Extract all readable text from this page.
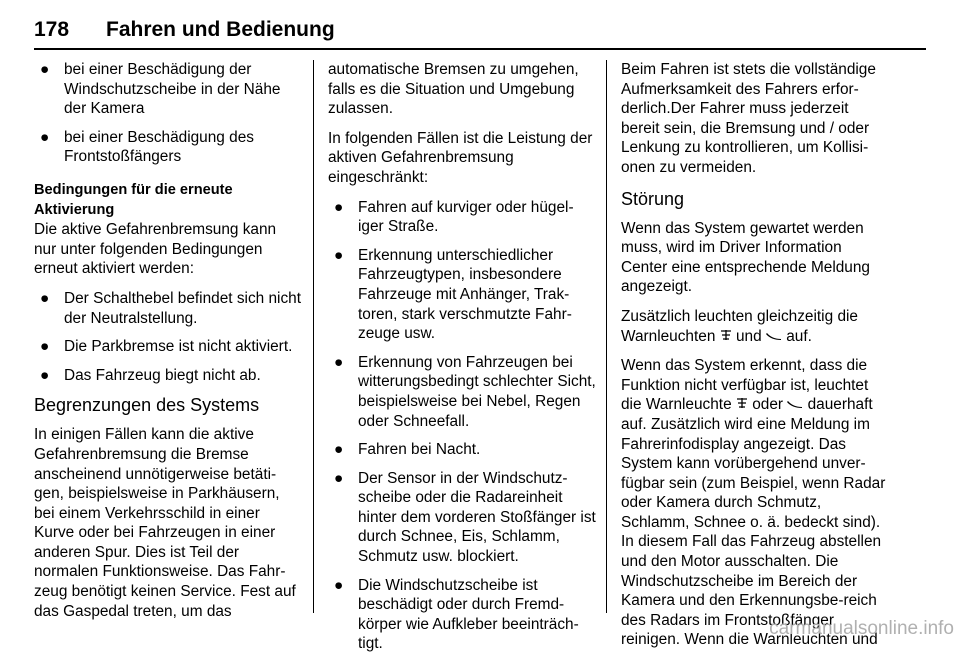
178 Fahren und Bedienung
● bei einer Beschädigung der Windschutzscheibe in der Nähe der Kamera
● bei einer Beschädigung des Frontstoßfängers
Bedingungen für die erneute Aktivierung

Die aktive Gefahrenbremsung kann nur unter folgenden Bedingungen erneut aktiviert werden:

● Der Schalthebel befindet sich nicht der Neutralstellung.
● Die Parkbremse ist nicht aktiviert.
● Das Fahrzeug biegt nicht ab.
Begrenzungen des Systems

In einigen Fällen kann die aktive Gefahrenbremsung die Bremse anscheinend unnötigerweise betäti-gen, beispielsweise in Parkhäusern, bei einem Verkehrsschild in einer Kurve oder bei Fahrzeugen in einer anderen Spur. Dies ist Teil der normalen Funktionsweise. Das Fahr-zeug benötigt keinen Service. Fest auf das Gaspedal treten, um das

automatische Bremsen zu umgehen, falls es die Situation und Umgebung zulassen.

In folgenden Fällen ist die Leistung der aktiven Gefahrenbremsung eingeschränkt:

● Fahren auf kurviger oder hügel-iger Straße.
● Erkennung unterschiedlicher Fahrzeugtypen, insbesondere Fahrzeuge mit Anhänger, Trak-toren, stark verschmutzte Fahr-zeuge usw.
● Erkennung von Fahrzeugen bei witterungsbedingt schlechter Sicht, beispielsweise bei Nebel, Regen oder Schneefall.
● Fahren bei Nacht.
● Der Sensor in der Windschutz-scheibe oder die Radareinheit hinter dem vorderen Stoßfänger ist durch Schnee, Eis, Schlamm, Schmutz usw. blockiert.
● Die Windschutzscheibe ist beschädigt oder durch Fremd-körper wie Aufkleber beeinträch-tigt.

Beim Fahren ist stets die vollständige Aufmerksamkeit des Fahrers erfor-derlich.Der Fahrer muss jederzeit bereit sein, die Bremsung und / oder Lenkung zu kontrollieren, um Kollisi-onen zu vermeiden.

Störung

Wenn das System gewartet werden muss, wird im Driver Information Center eine entsprechende Meldung angezeigt.

Zusätzlich leuchten gleichzeitig die Warnleuchten und auf.

Wenn das System erkennt, dass die Funktion nicht verfügbar ist, leuchtet die Warnleuchte oder dauerhaft auf. Zusätzlich wird eine Meldung im Fahrerinfodisplay angezeigt. Das System kann vorübergehend unver-fügbar sein (zum Beispiel, wenn Radar oder Kamera durch Schmutz, Schlamm, Schnee o. ä. bedeckt sind). In diesem Fall das Fahrzeug abstellen und den Motor ausschalten. Die Windschutzscheibe im Bereich der Kamera und den Erkennungsbe-reich des Radars im Frontstoßfänger reinigen. Wenn die Warnleuchten und

carmanualsonline.info
